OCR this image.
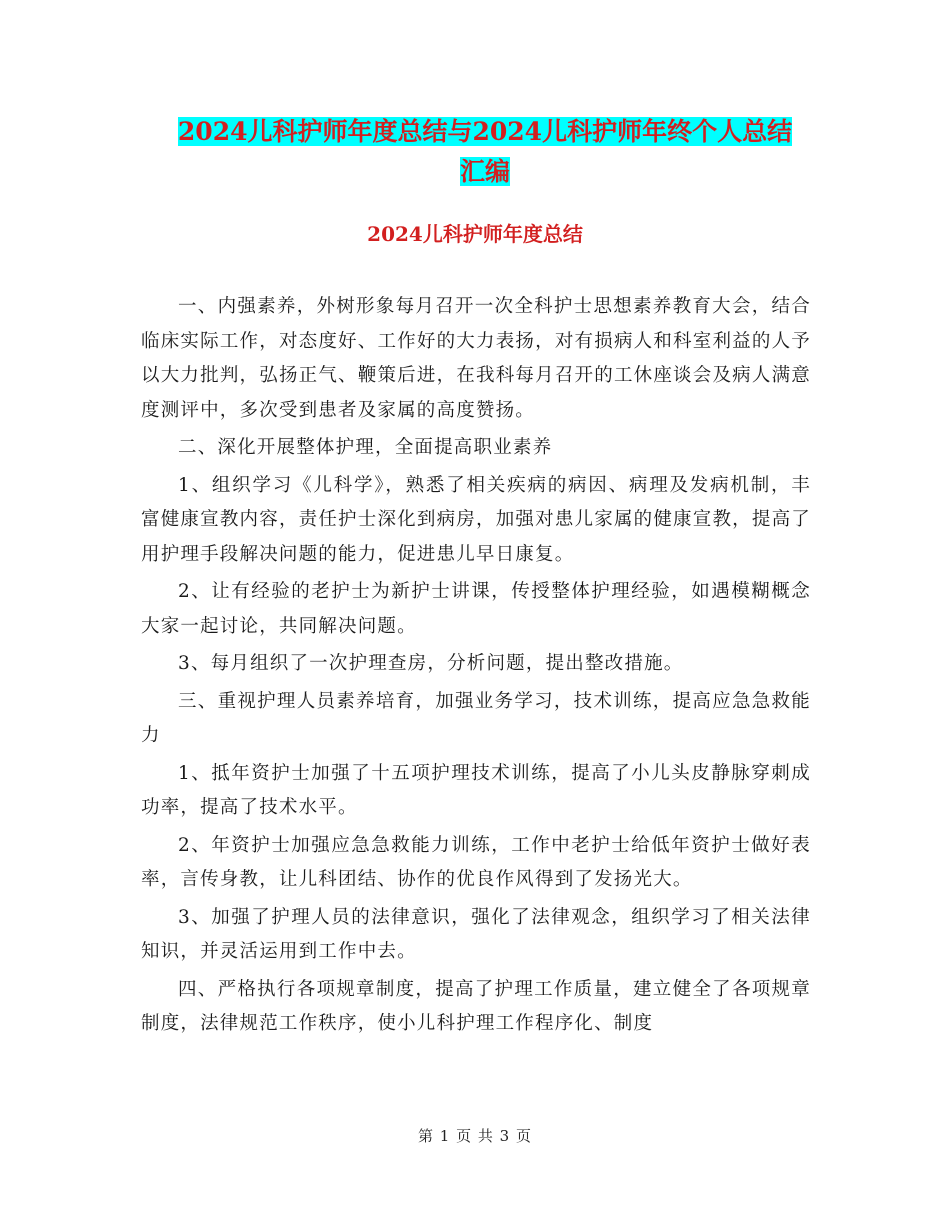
2024儿科护师年度总结与2024儿科护师年终个人总结
汇编
2024儿科护师年度总结

一、内强素养，外树形象每月召开一次全科护士思想素养教育大会，结合临床实际工作，对态度好、工作好的大力表扬，对有损病人和科室利益的人予以大力批判，弘扬正气、鞭策后进，在我科每月召开的工休座谈会及病人满意度测评中，多次受到患者及家属的高度赞扬。

二、深化开展整体护理，全面提高职业素养

1、组织学习《儿科学》，熟悉了相关疾病的病因、病理及发病机制，丰富健康宣教内容，责任护士深化到病房，加强对患儿家属的健康宣教，提高了用护理手段解决问题的能力，促进患儿早日康复。

2、让有经验的老护士为新护士讲课，传授整体护理经验，如遇模糊概念大家一起讨论，共同解决问题。

3、每月组织了一次护理查房，分析问题，提出整改措施。

三、重视护理人员素养培育，加强业务学习，技术训练，提高应急急救能力

1、抵年资护士加强了十五项护理技术训练，提高了小儿头皮静脉穿刺成功率，提高了技术水平。

2、年资护士加强应急急救能力训练，工作中老护士给低年资护士做好表率，言传身教，让儿科团结、协作的优良作风得到了发扬光大。

3、加强了护理人员的法律意识，强化了法律观念，组织学习了相关法律知识，并灵活运用到工作中去。

四、严格执行各项规章制度，提高了护理工作质量，建立健全了各项规章制度，法律规范工作秩序，使小儿科护理工作程序化、制度

第 1 页 共 3 页
